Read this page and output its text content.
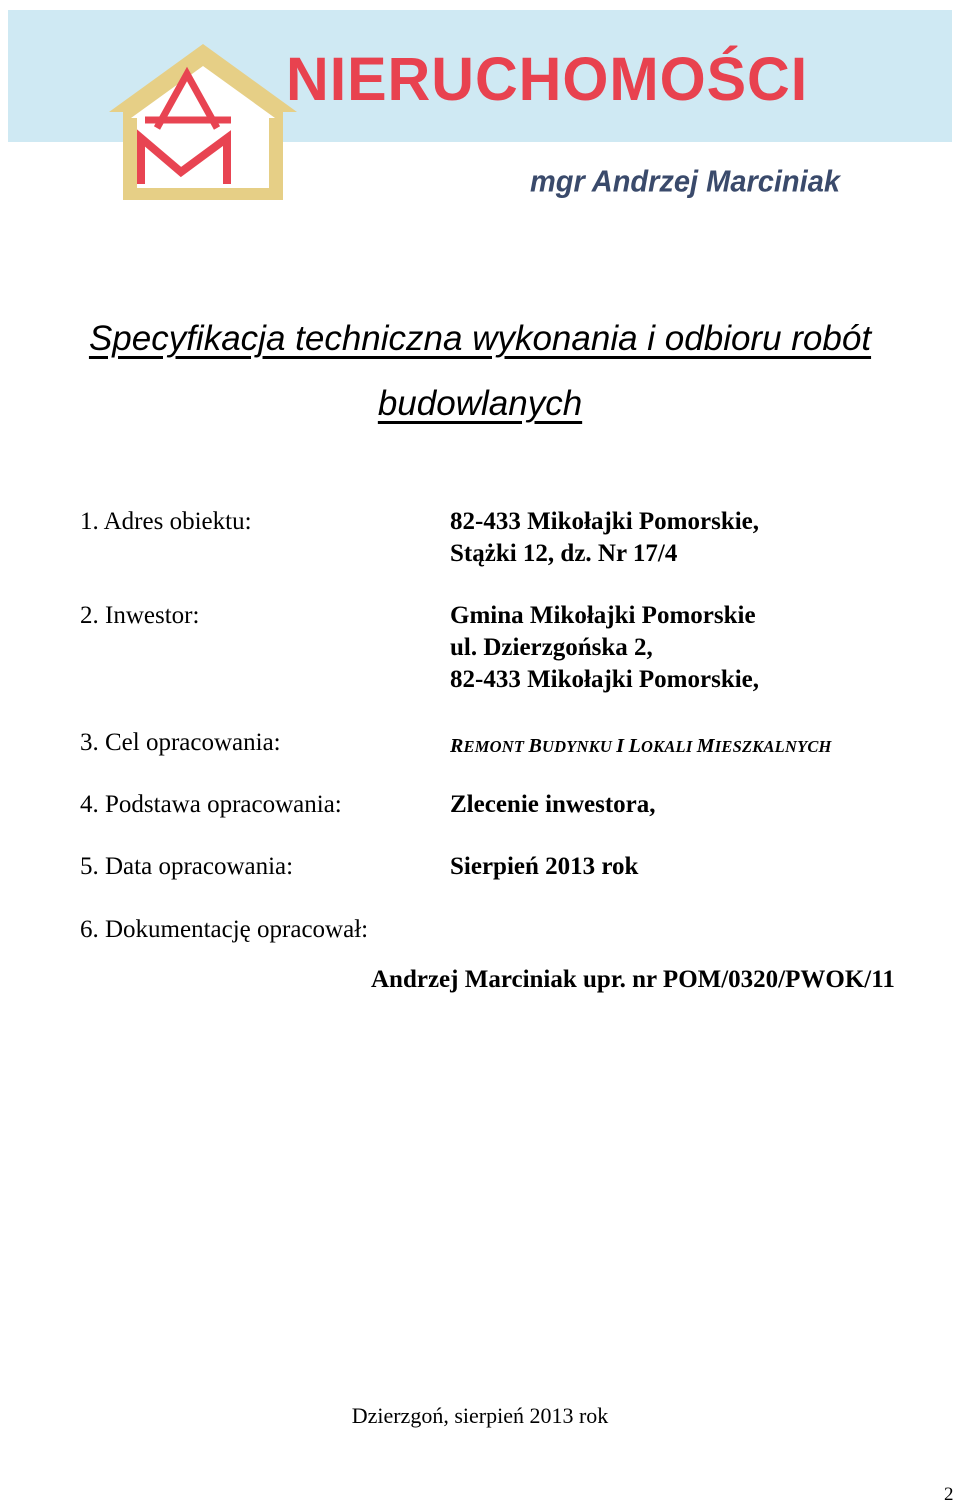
NIERUCHOMOŚCI
mgr Andrzej Marciniak
Specyfikacja techniczna wykonania i odbioru robót
budowlanych
1. Adres obiektu:	82-433 Mikołajki Pomorskie,
Stążki 12, dz. Nr 17/4
2. Inwestor:	Gmina Mikołajki Pomorskie
ul. Dzierzgońska 2,
82-433 Mikołajki Pomorskie,
3. Cel opracowania:	REMONT BUDYNKU I LOKALI MIESZKALNYCH
4. Podstawa opracowania:	Zlecenie inwestora,
5. Data opracowania:	Sierpień 2013 rok
6. Dokumentację opracował:
Andrzej Marciniak upr. nr POM/0320/PWOK/11
Dzierzgoń, sierpień 2013 rok
2
